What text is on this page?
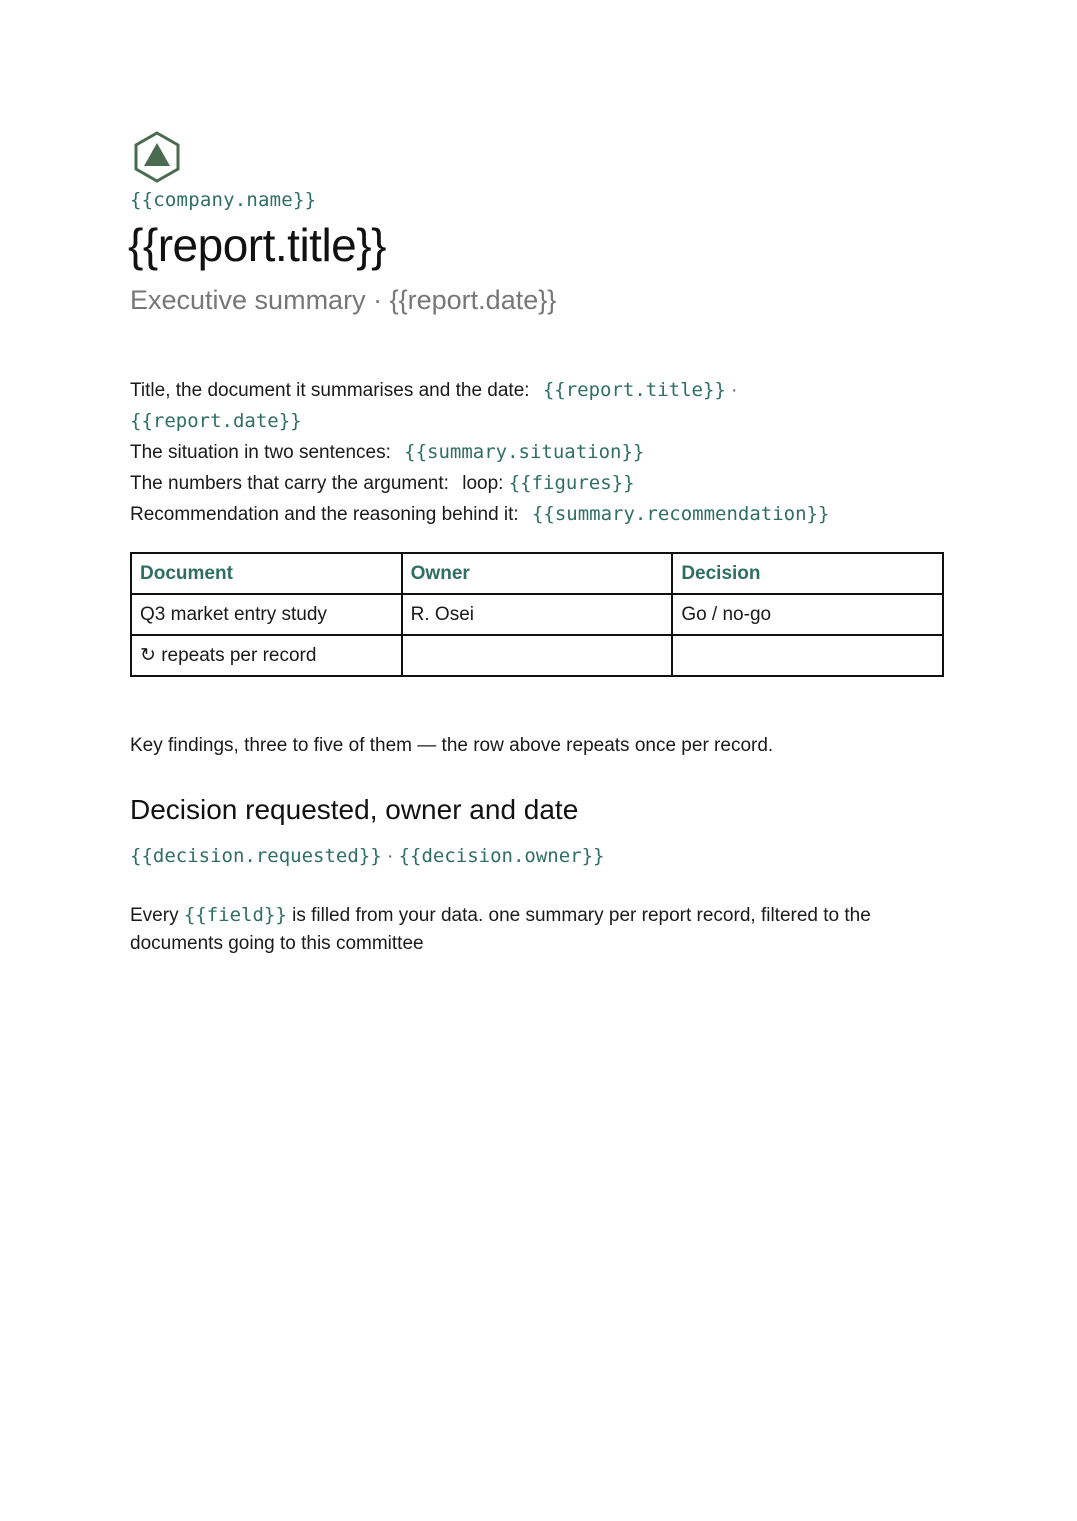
{{company.name}}
{{report.title}}
Executive summary · {{report.date}}
Title, the document it summarises and the date: {{report.title}} · {{report.date}}
The situation in two sentences: {{summary.situation}}
The numbers that carry the argument: loop: {{figures}}
Recommendation and the reasoning behind it: {{summary.recommendation}}
Document	Owner	Decision
Q3 market entry study	R. Osei	Go / no-go
↻ repeats per record		
Key findings, three to five of them — the row above repeats once per record.
Decision requested, owner and date
{{decision.requested}} · {{decision.owner}}
Every {{field}} is filled from your data. one summary per report record, filtered to the documents going to this committee
